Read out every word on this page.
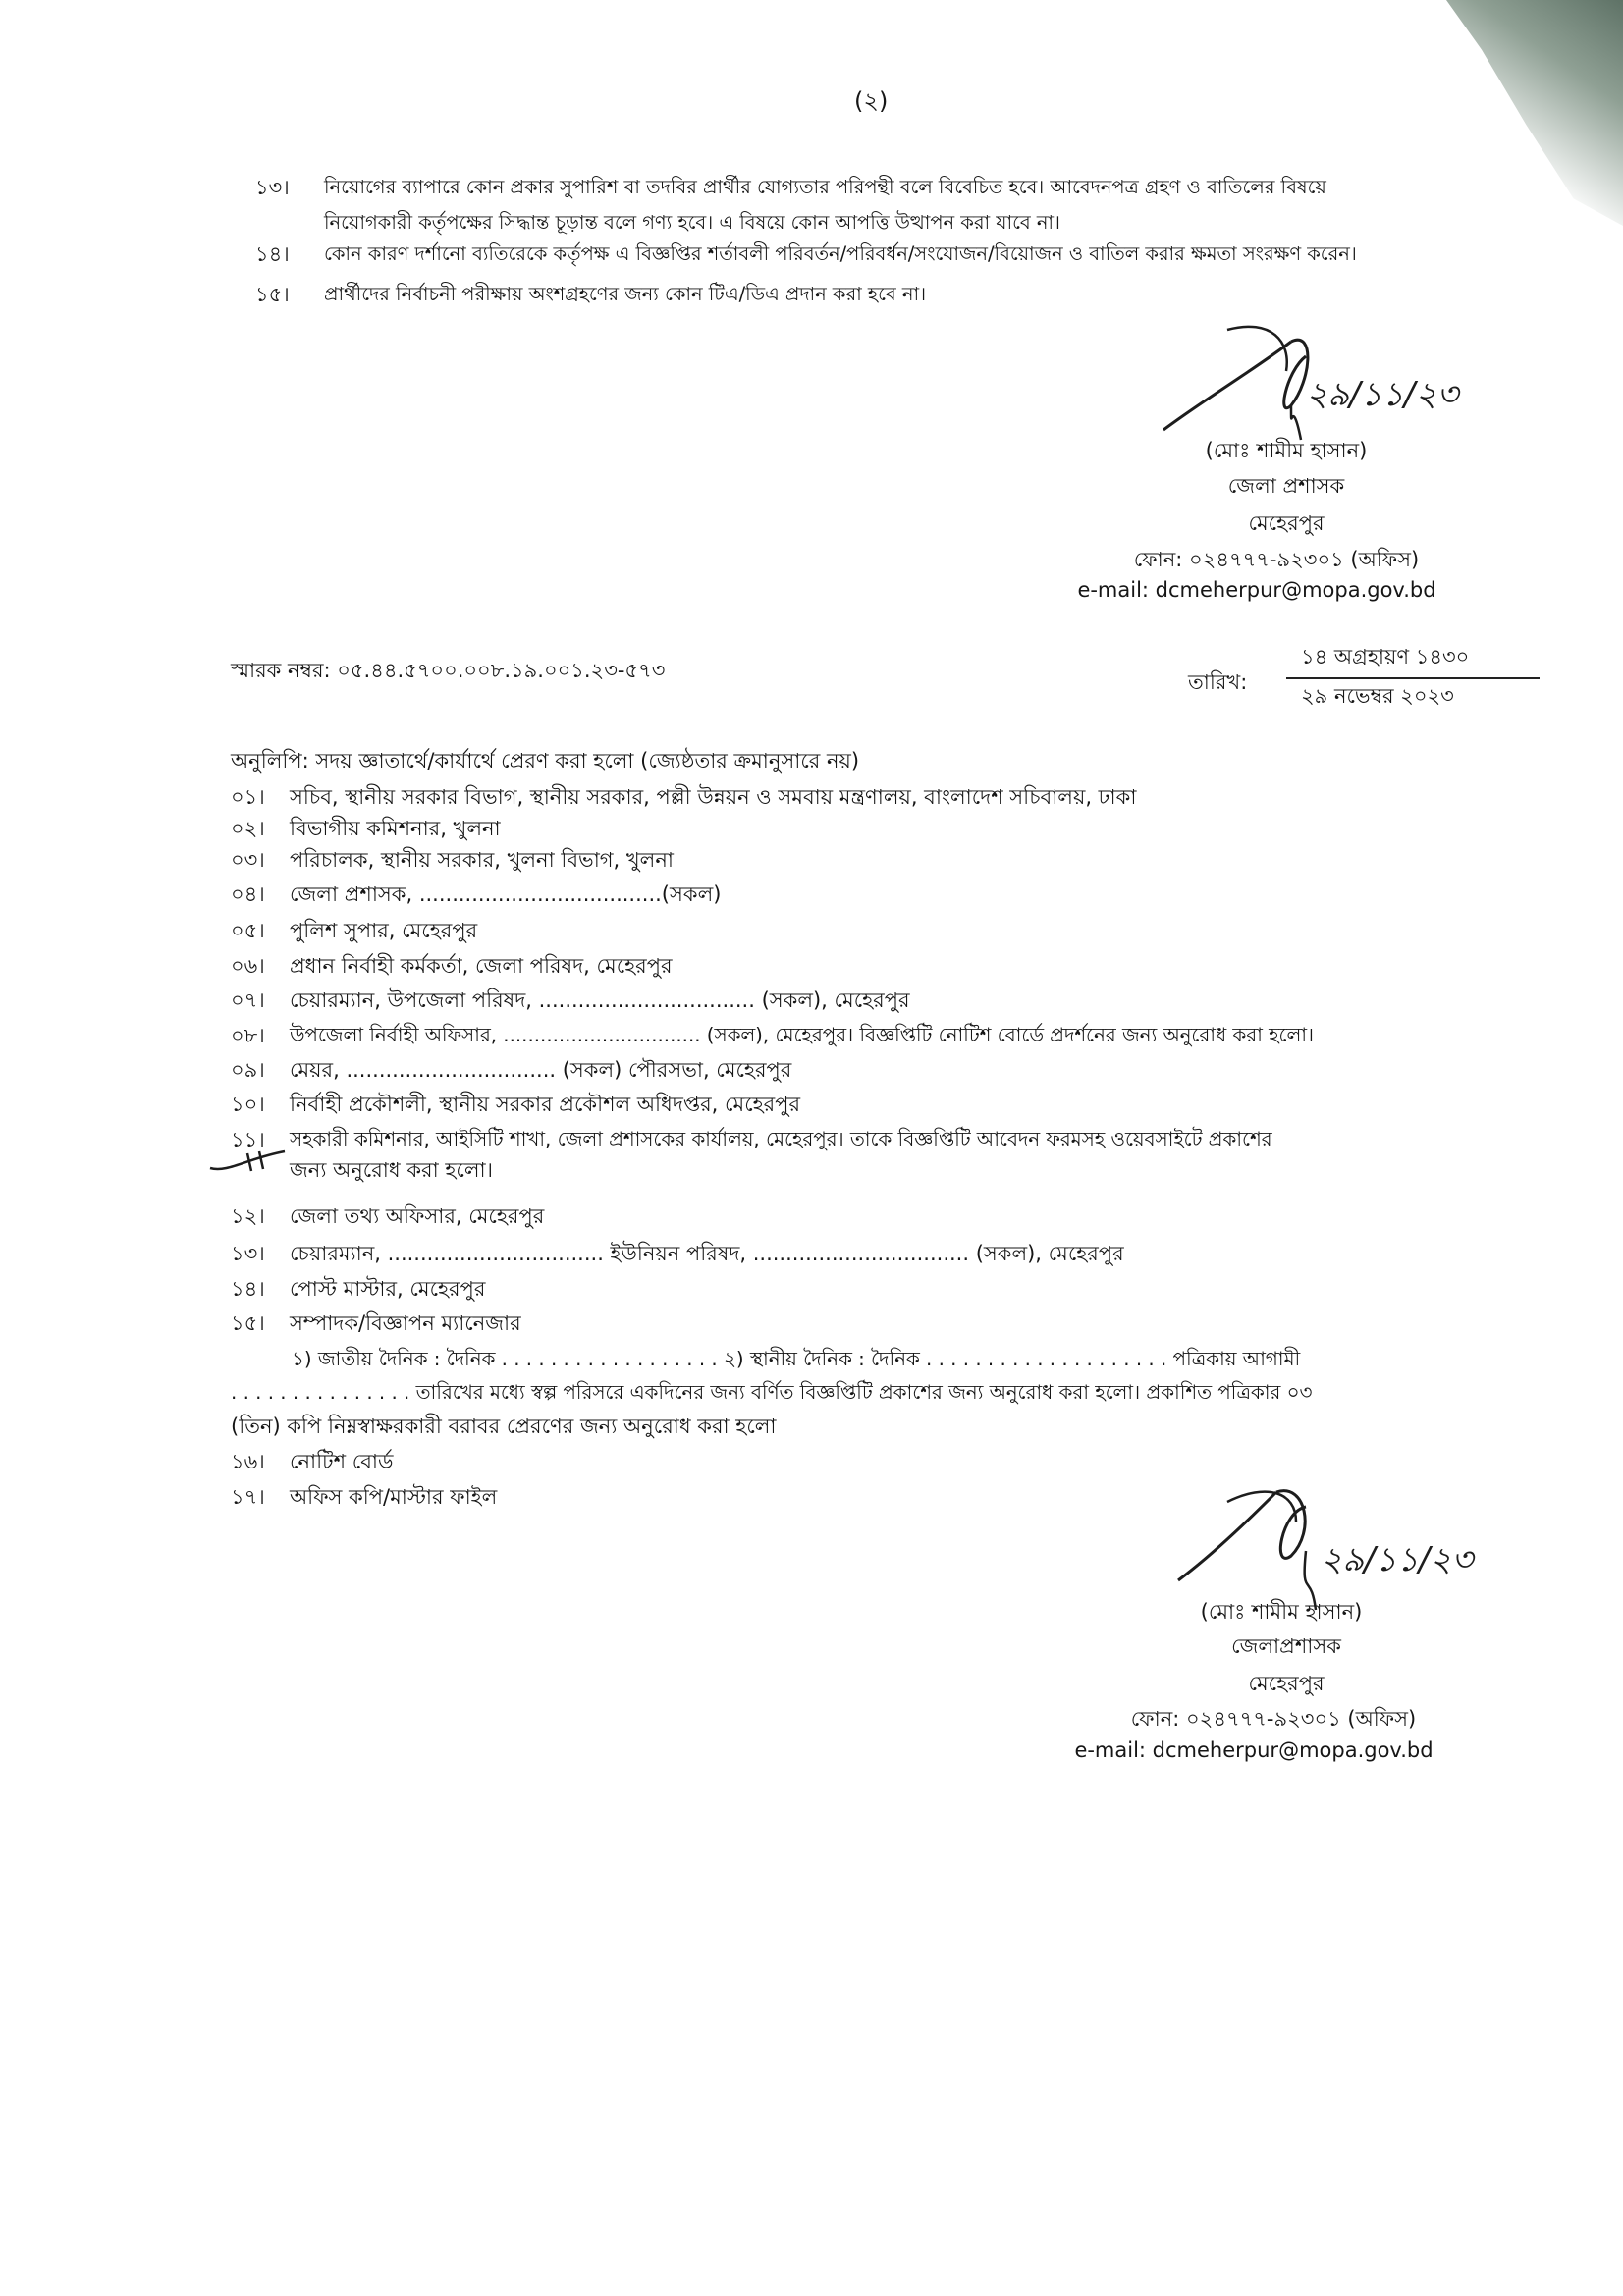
(২)
১৩।	নিয়োগের ব্যাপারে কোন প্রকার সুপারিশ বা তদবির প্রার্থীর যোগ্যতার পরিপন্থী বলে বিবেচিত হবে। আবেদনপত্র গ্রহণ ও বাতিলের বিষয়ে
নিয়োগকারী কর্তৃপক্ষের সিদ্ধান্ত চূড়ান্ত বলে গণ্য হবে। এ বিষয়ে কোন আপত্তি উত্থাপন করা যাবে না।
১৪।	কোন কারণ দর্শানো ব্যতিরেকে কর্তৃপক্ষ এ বিজ্ঞপ্তির শর্তাবলী পরিবর্তন/পরিবর্ধন/সংযোজন/বিয়োজন ও বাতিল করার ক্ষমতা সংরক্ষণ করেন।
১৫।	প্রার্থীদের নির্বাচনী পরীক্ষায় অংশগ্রহণের জন্য কোন টিএ/ডিএ প্রদান করা হবে না।
২৯/১১/২৩
(মোঃ শামীম হাসান)
জেলা প্রশাসক
মেহেরপুর
ফোন: ০২৪৭৭৭-৯২৩০১ (অফিস)
e-mail: dcmeherpur@mopa.gov.bd
স্মারক নম্বর: ০৫.৪৪.৫৭০০.০০৮.১৯.০০১.২৩-৫৭৩	তারিখ:
১৪ অগ্রহায়ণ ১৪৩০
২৯ নভেম্বর ২০২৩
অনুলিপি: সদয় জ্ঞাতার্থে/কার্যার্থে প্রেরণ করা হলো (জ্যেষ্ঠতার ক্রমানুসারে নয়)
০১।	সচিব, স্থানীয় সরকার বিভাগ, স্থানীয় সরকার, পল্লী উন্নয়ন ও সমবায় মন্ত্রণালয়, বাংলাদেশ সচিবালয়, ঢাকা
০২।	বিভাগীয় কমিশনার, খুলনা
০৩।	পরিচালক, স্থানীয় সরকার, খুলনা বিভাগ, খুলনা
০৪।	জেলা প্রশাসক, .....................................(সকল)
০৫।	পুলিশ সুপার, মেহেরপুর
০৬।	প্রধান নির্বাহী কর্মকর্তা, জেলা পরিষদ, মেহেরপুর
০৭।	চেয়ারম্যান, উপজেলা পরিষদ, ................................. (সকল), মেহেরপুর
০৮।	উপজেলা নির্বাহী অফিসার, ................................ (সকল), মেহেরপুর। বিজ্ঞপ্তিটি নোটিশ বোর্ডে প্রদর্শনের জন্য অনুরোধ করা হলো।
০৯।	মেয়র, ................................ (সকল) পৌরসভা, মেহেরপুর
১০।	নির্বাহী প্রকৌশলী, স্থানীয় সরকার প্রকৌশল অধিদপ্তর, মেহেরপুর
১১।	সহকারী কমিশনার, আইসিটি শাখা, জেলা প্রশাসকের কার্যালয়, মেহেরপুর। তাকে বিজ্ঞপ্তিটি আবেদন ফরমসহ ওয়েবসাইটে প্রকাশের
জন্য অনুরোধ করা হলো।
১২।	জেলা তথ্য অফিসার, মেহেরপুর
১৩।	চেয়ারম্যান, ................................. ইউনিয়ন পরিষদ, ................................. (সকল), মেহেরপুর
১৪।	পোস্ট মাস্টার, মেহেরপুর
১৫।	সম্পাদক/বিজ্ঞাপন ম্যানেজার
১) জাতীয় দৈনিক : দৈনিক . . . . . . . . . . . . . . . . . . ২) স্থানীয় দৈনিক : দৈনিক . . . . . . . . . . . . . . . . . . . . পত্রিকায় আগামী
. . . . . . . . . . . . . . . তারিখের মধ্যে স্বল্প পরিসরে একদিনের জন্য বর্ণিত বিজ্ঞপ্তিটি প্রকাশের জন্য অনুরোধ করা হলো। প্রকাশিত পত্রিকার ০৩
(তিন) কপি নিম্নস্বাক্ষরকারী বরাবর প্রেরণের জন্য অনুরোধ করা হলো
১৬।	নোটিশ বোর্ড
১৭।	অফিস কপি/মাস্টার ফাইল
২৯/১১/২৩
(মোঃ শামীম হাসান)
জেলাপ্রশাসক
মেহেরপুর
ফোন: ০২৪৭৭৭-৯২৩০১ (অফিস)
e-mail: dcmeherpur@mopa.gov.bd
